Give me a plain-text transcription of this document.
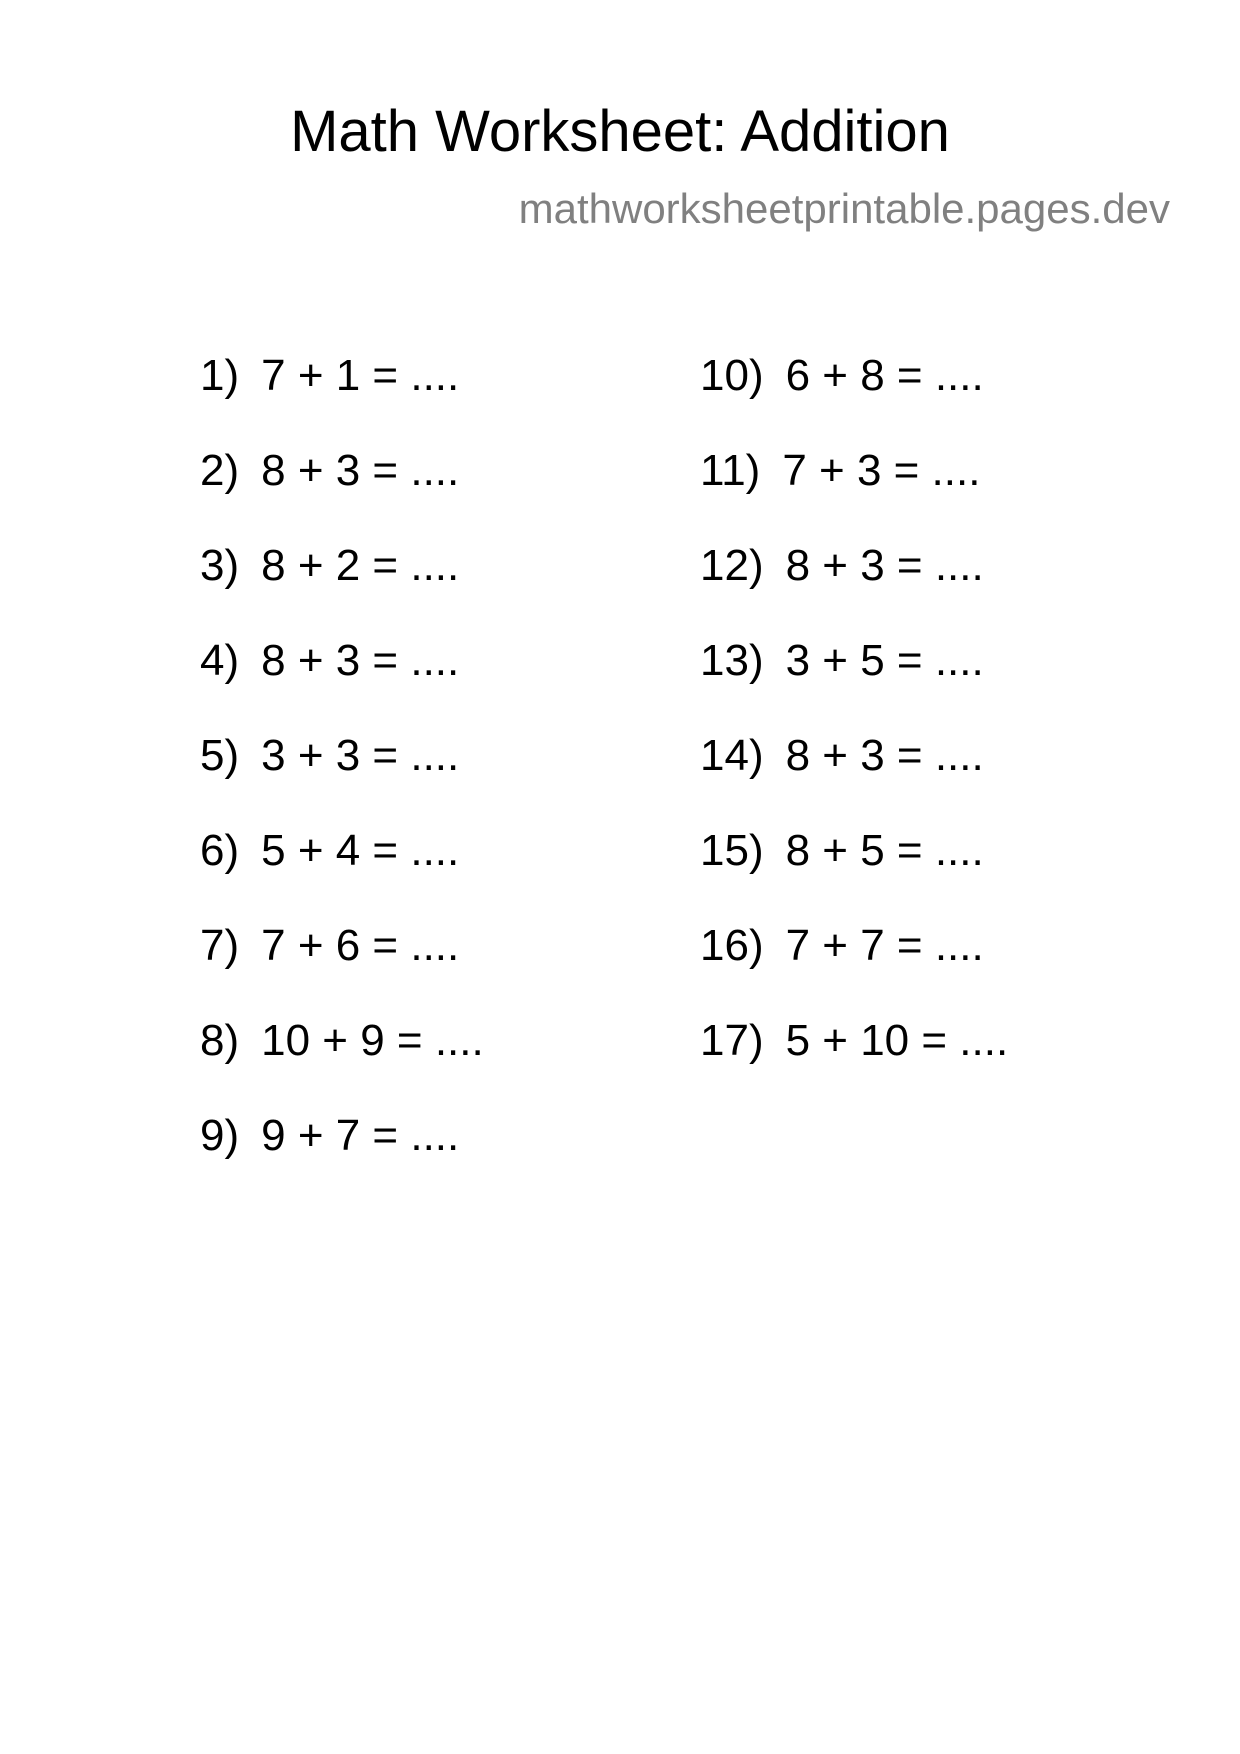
Math Worksheet: Addition
mathworksheetprintable.pages.dev
1) 7 + 1 = ....
2) 8 + 3 = ....
3) 8 + 2 = ....
4) 8 + 3 = ....
5) 3 + 3 = ....
6) 5 + 4 = ....
7) 7 + 6 = ....
8) 10 + 9 = ....
9) 9 + 7 = ....
10) 6 + 8 = ....
11) 7 + 3 = ....
12) 8 + 3 = ....
13) 3 + 5 = ....
14) 8 + 3 = ....
15) 8 + 5 = ....
16) 7 + 7 = ....
17) 5 + 10 = ....
